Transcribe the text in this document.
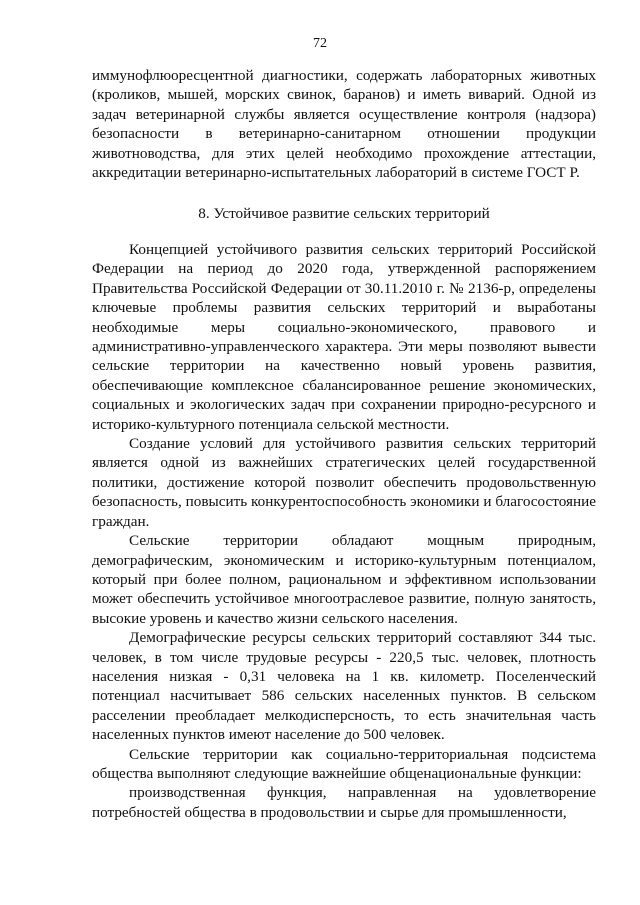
72

иммунофлюоресцентной диагностики, содержать лабораторных животных (кроликов, мышей, морских свинок, баранов) и иметь виварий. Одной из задач ветеринарной службы является осуществление контроля (надзора) безопасности в ветеринарно-санитарном отношении продукции животноводства, для этих целей необходимо прохождение аттестации, аккредитации ветеринарно-испытательных лабораторий в системе ГОСТ Р.

8. Устойчивое развитие сельских территорий

Концепцией устойчивого развития сельских территорий Российской Федерации на период до 2020 года, утвержденной распоряжением Правительства Российской Федерации от 30.11.2010 г. № 2136-р, определены ключевые проблемы развития сельских территорий и выработаны необходимые меры социально-экономического, правового и административно-управленческого характера. Эти меры позволяют вывести сельские территории на качественно новый уровень развития, обеспечивающие комплексное сбалансированное решение экономических, социальных и экологических задач при сохранении природно-ресурсного и историко-культурного потенциала сельской местности.

Создание условий для устойчивого развития сельских территорий является одной из важнейших стратегических целей государственной политики, достижение которой позволит обеспечить продовольственную безопасность, повысить конкурентоспособность экономики и благосостояние граждан.

Сельские территории обладают мощным природным, демографическим, экономическим и историко-культурным потенциалом, который при более полном, рациональном и эффективном использовании может обеспечить устойчивое многоотраслевое развитие, полную занятость, высокие уровень и качество жизни сельского населения.

Демографические ресурсы сельских территорий составляют 344 тыс. человек, в том числе трудовые ресурсы - 220,5 тыс. человек, плотность населения низкая - 0,31 человека на 1 кв. километр. Поселенческий потенциал насчитывает 586 сельских населенных пунктов. В сельском расселении преобладает мелкодисперсность, то есть значительная часть населенных пунктов имеют население до 500 человек.

Сельские территории как социально-территориальная подсистема общества выполняют следующие важнейшие общенациональные функции:

производственная функция, направленная на удовлетворение потребностей общества в продовольствии и сырье для промышленности,
